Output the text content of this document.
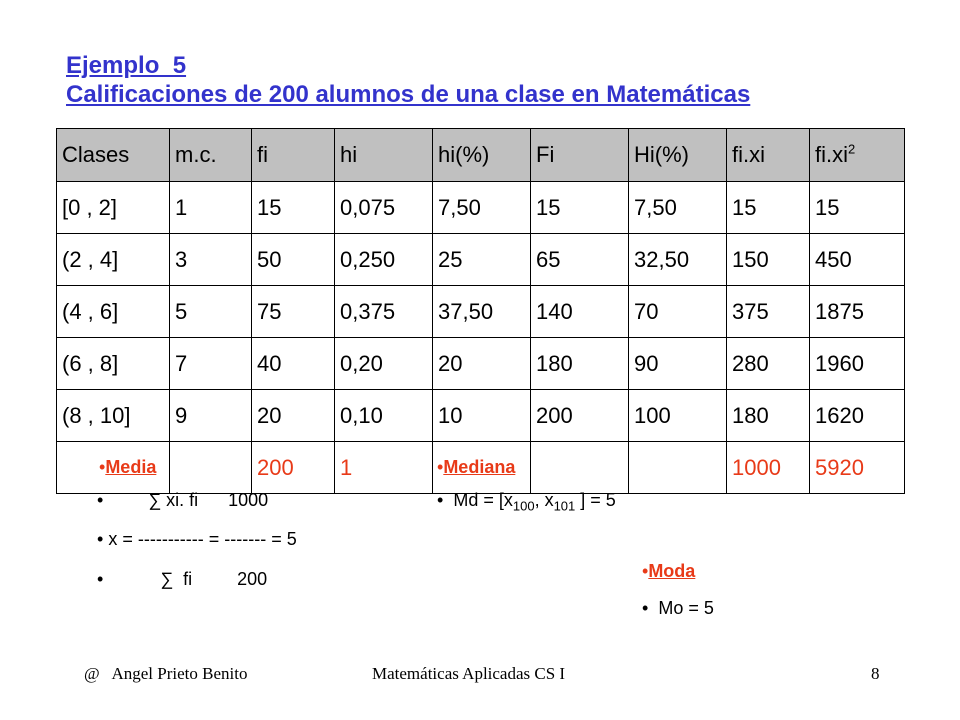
Ejemplo_5
Calificaciones de 200 alumnos de una clase en Matemáticas
Clases	m.c.	fi	hi	hi(%)	Fi	Hi(%)	fi.xi	$fi.xi^2$
[0 , 2]	1	15	0,075	7,50	15	7,50	15	15
(2 , 4]	3	50	0,250	25	65	32,50	150	450
(4 , 6]	5	75	0,375	37,50	140	70	375	1875
(6 , 8]	7	40	0,20	20	180	90	280	1960
(8 , 10]	9	20	0,10	10	200	100	180	1620
		200	1				1000	5920
•Media
•	∑ xi. fi      1000
• x = ----------- = ------- = 5
•	∑  fi         200
•Mediana
• $Md = [x_{100}$, $x_{101}$ ] = 5
•Moda
• Mo = 5
@   Angel Prieto Benito	Matemáticas Aplicadas CS I	8
